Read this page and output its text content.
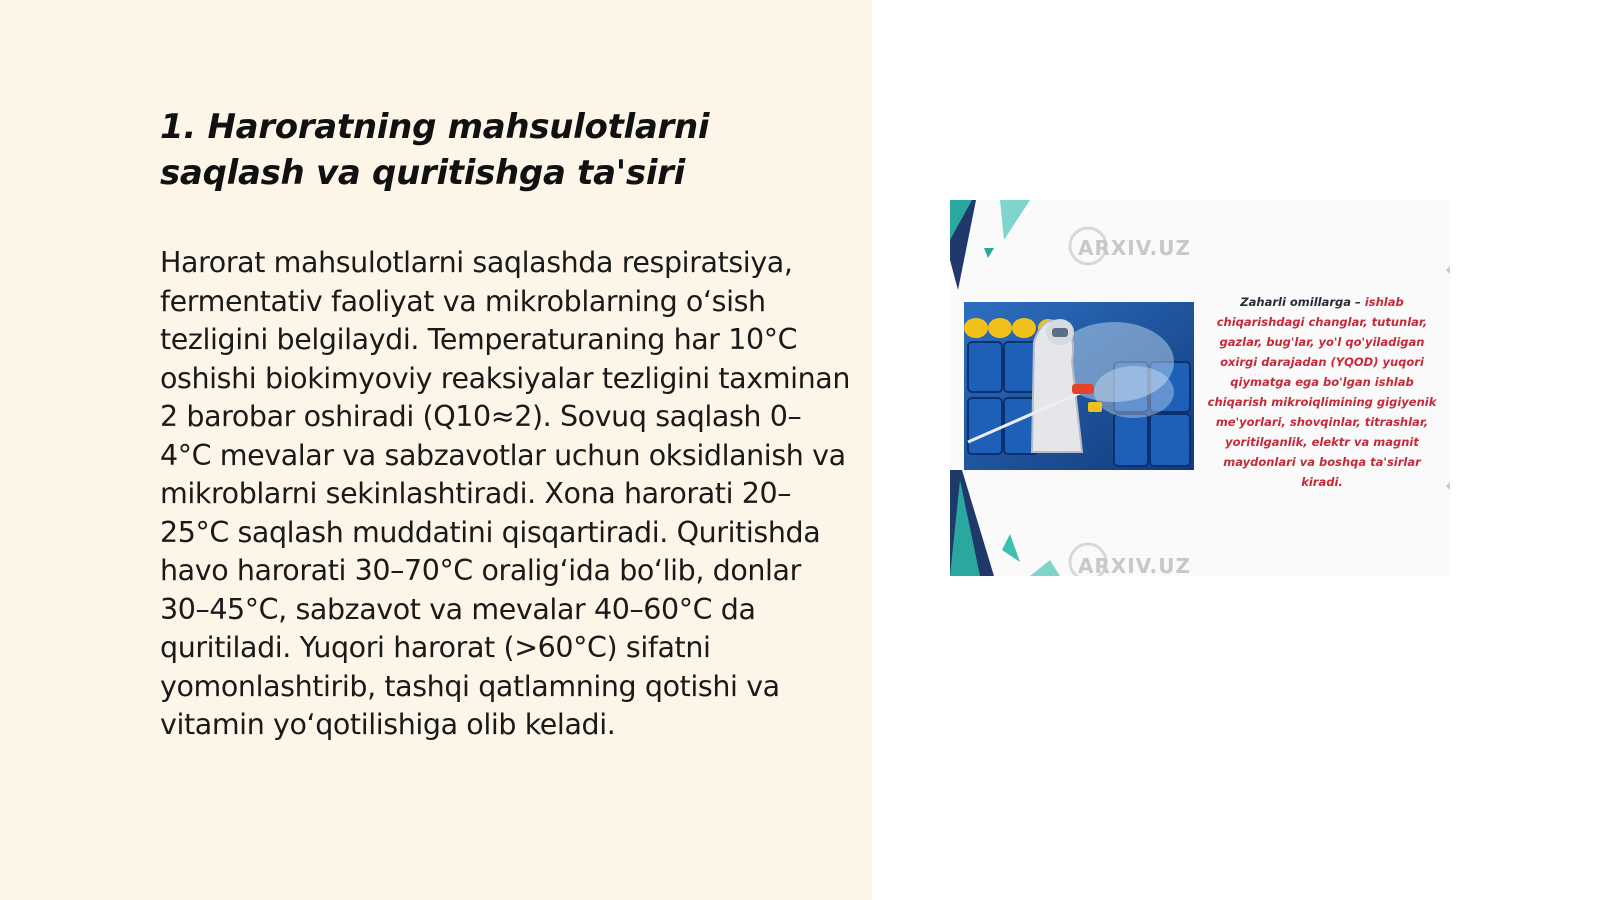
1. Haroratning mahsulotlarni saqlash va quritishga ta'siri

Harorat mahsulotlarni saqlashda respiratsiya, fermentativ faoliyat va mikroblarning oʻsish tezligini belgilaydi. Temperaturaning har 10°C oshishi biokimyoviy reaksiyalar tezligini taxminan 2 barobar oshiradi (Q10≈2). Sovuq saqlash 0–4°C mevalar va sabzavotlar uchun oksidlanish va mikroblarni sekinlashtiradi. Xona harorati 20–25°C saqlash muddatini qisqartiradi. Quritishda havo harorati 30–70°C oraligʻida boʻlib, donlar 30–45°C, sabzavot va mevalar 40–60°C da quritiladi. Yuqori harorat (>60°C) sifatni yomonlashtirib, tashqi qatlamning qotishi va vitamin yoʻqotilishiga olib keladi.

ARXIV.UZ
ARXIV.UZ
Zaharli omillarga – ishlab chiqarishdagi changlar, tutunlar, gazlar, bug'lar, yo'l qo'yiladigan oxirgi darajadan (YQOD) yuqori qiymatga ega bo'lgan ishlab chiqarish mikroiqlimining gigiyenik me'yorlari, shovqinlar, titrashlar, yoritilganlik, elektr va magnit maydonlari va boshqa ta'sirlar kiradi.
